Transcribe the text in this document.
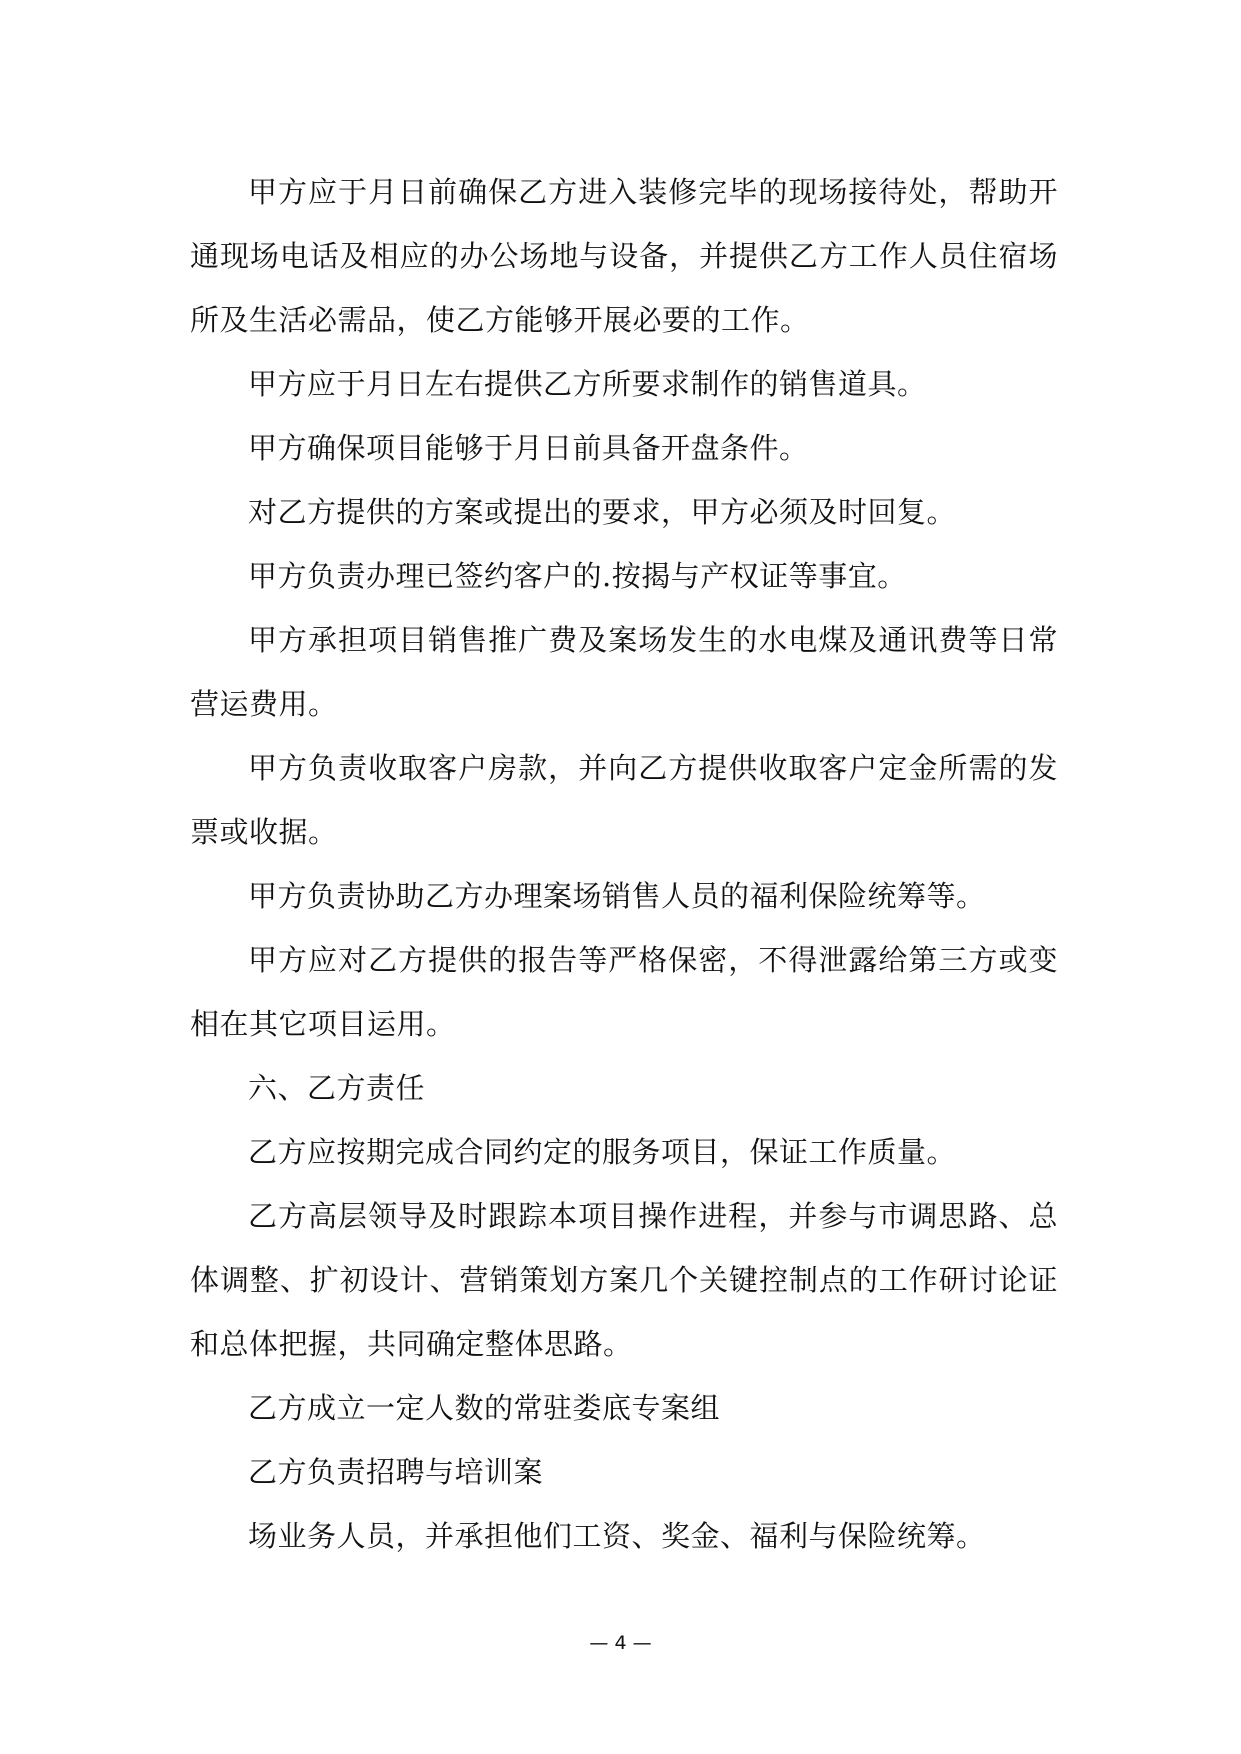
甲方应于月日前确保乙方进入装修完毕的现场接待处，帮助开通现场电话及相应的办公场地与设备，并提供乙方工作人员住宿场所及生活必需品，使乙方能够开展必要的工作。

甲方应于月日左右提供乙方所要求制作的销售道具。

甲方确保项目能够于月日前具备开盘条件。

对乙方提供的方案或提出的要求，甲方必须及时回复。

甲方负责办理已签约客户的.按揭与产权证等事宜。

甲方承担项目销售推广费及案场发生的水电煤及通讯费等日常营运费用。

甲方负责收取客户房款，并向乙方提供收取客户定金所需的发票或收据。

甲方负责协助乙方办理案场销售人员的福利保险统筹等。

甲方应对乙方提供的报告等严格保密，不得泄露给第三方或变相在其它项目运用。

六、乙方责任

乙方应按期完成合同约定的服务项目，保证工作质量。

乙方高层领导及时跟踪本项目操作进程，并参与市调思路、总体调整、扩初设计、营销策划方案几个关键控制点的工作研讨论证和总体把握，共同确定整体思路。

乙方成立一定人数的常驻娄底专案组

乙方负责招聘与培训案

场业务人员，并承担他们工资、奖金、福利与保险统筹。

— 4 —
